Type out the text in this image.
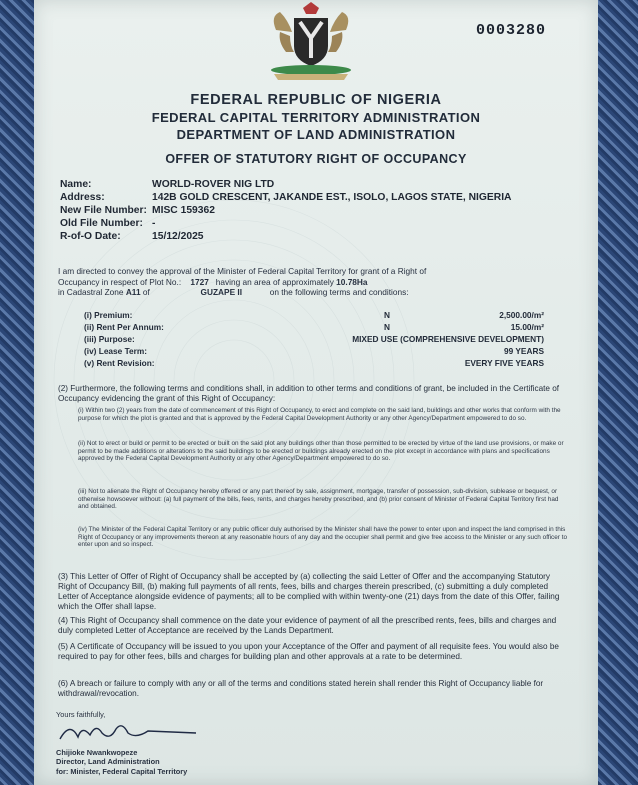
0003280
FEDERAL REPUBLIC OF NIGERIA
FEDERAL CAPITAL TERRITORY ADMINISTRATION
DEPARTMENT OF LAND ADMINISTRATION
OFFER OF STATUTORY RIGHT OF OCCUPANCY
Name:	WORLD-ROVER NIG LTD
Address:	142B GOLD CRESCENT, JAKANDE EST., ISOLO, LAGOS STATE, NIGERIA
New File Number: MISC 159362
Old File Number: -
R-of-O Date:	15/12/2025
I am directed to convey the approval of the Minister of Federal Capital Territory for grant of a Right of
Occupancy in respect of Plot No.: 1727 having an area of approximately 10.78Ha
in Cadastral Zone A11 of	GUZAPE II	on the following terms and conditions:
(i) Premium:	N	2,500.00/m²
(ii) Rent Per Annum:	N	15.00/m²
(iii) Purpose:	MIXED USE (COMPREHENSIVE DEVELOPMENT)
(iv) Lease Term:	99 YEARS
(v) Rent Revision:	EVERY FIVE YEARS
(2) Furthermore, the following terms and conditions shall, in addition to other terms and conditions of grant, be included in the Certificate of Occupancy evidencing the grant of this Right of Occupancy:
(i) Within two (2) years from the date of commencement of this Right of Occupancy, to erect and complete on the said land, buildings and other works that conform with the purpose for which the plot is granted and that is approved by the Federal Capital Development Authority or any other Agency/Department empowered to do so.
(ii) Not to erect or build or permit to be erected or built on the said plot any buildings other than those permitted to be erected by virtue of the land use provisions, or make or permit to be made additions or alterations to the said buildings to be erected or buildings already erected on the plot except in accordance with plans and specifications approved by the Federal Capital Development Authority or any other Agency/Department empowered to do so.
(iii) Not to alienate the Right of Occupancy hereby offered or any part thereof by sale, assignment, mortgage, transfer of possession, sub-division, sublease or bequest, or otherwise howsoever without: (a) full payment of the bills, fees, rents, and charges hereby prescribed, and (b) prior consent of Minister of Federal Capital Territory first had and obtained.
(iv) The Minister of the Federal Capital Territory or any public officer duly authorised by the Minister shall have the power to enter upon and inspect the land comprised in this Right of Occupancy or any improvements thereon at any reasonable hours of any day and the occupier shall permit and give free access to the Minister or any such officer to enter upon and so inspect.
(3) This Letter of Offer of Right of Occupancy shall be accepted by (a) collecting the said Letter of Offer and the accompanying Statutory Right of Occupancy Bill, (b) making full payments of all rents, fees, bills and charges therein prescribed, (c) submitting a duly completed Letter of Acceptance alongside evidence of payments; all to be complied with within twenty-one (21) days from the date of this Offer, failing which the Offer shall lapse.
(4) This Right of Occupancy shall commence on the date your evidence of payment of all the prescribed rents, fees, bills and charges and duly completed Letter of Acceptance are received by the Lands Department.
(5) A Certificate of Occupancy will be issued to you upon your Acceptance of the Offer and payment of all requisite fees. You would also be required to pay for other fees, bills and charges for building plan and other approvals at a rate to be determined.
(6) A breach or failure to comply with any or all of the terms and conditions stated herein shall render this Right of Occupancy liable for withdrawal/revocation.
Yours faithfully,
Chijioke Nwankwopeze
Director, Land Administration
for: Minister, Federal Capital Territory
